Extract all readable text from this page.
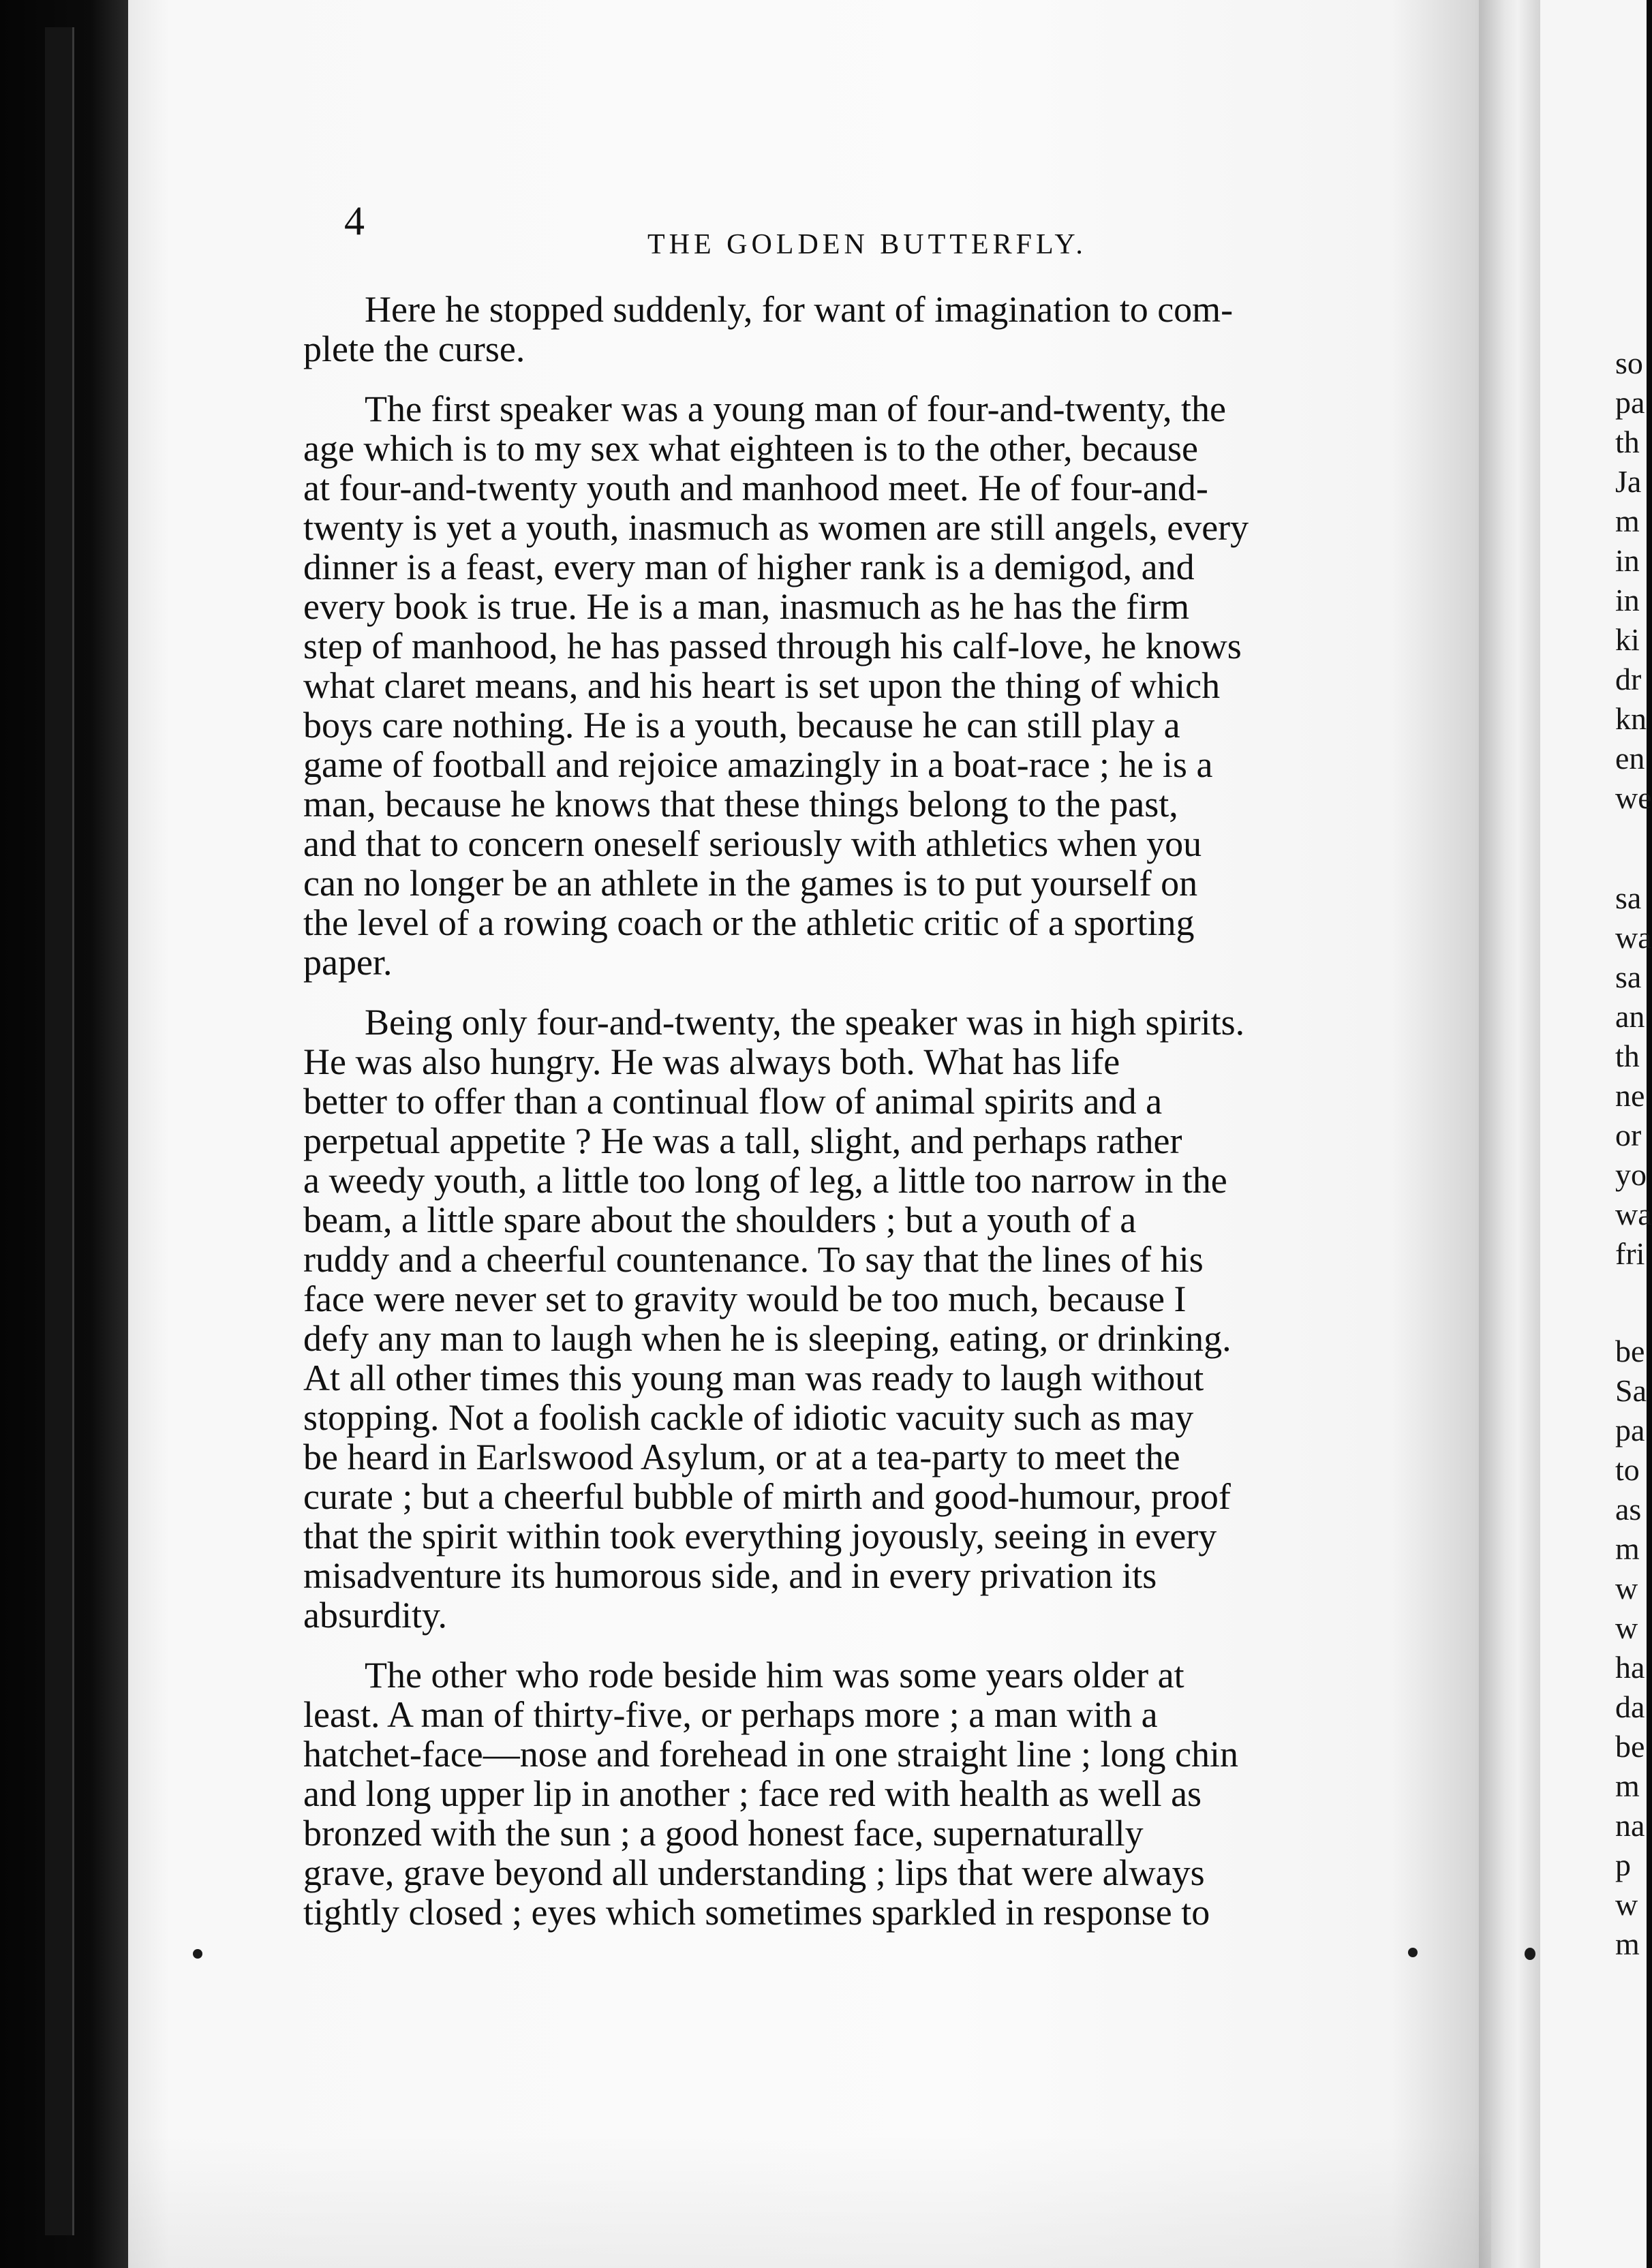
so
pa
th
Ja
m
in
in
ki
dr
kn
en
we
sa
wa
sa
an
th
ne
or
yo
wa
fri
be
Sa
pa
to
as
m
w
w
ha
da
be
m
na
p
w
m
4
THE GOLDEN BUTTERFLY.
Here he stopped suddenly, for want of imagination to com-
plete the curse.
The first speaker was a young man of four-and-twenty, the
age which is to my sex what eighteen is to the other, because
at four-and-twenty youth and manhood meet. He of four-and-
twenty is yet a youth, inasmuch as women are still angels, every
dinner is a feast, every man of higher rank is a demigod, and
every book is true. He is a man, inasmuch as he has the firm
step of manhood, he has passed through his calf-love, he knows
what claret means, and his heart is set upon the thing of which
boys care nothing. He is a youth, because he can still play a
game of football and rejoice amazingly in a boat-race ; he is a
man, because he knows that these things belong to the past,
and that to concern oneself seriously with athletics when you
can no longer be an athlete in the games is to put yourself on
the level of a rowing coach or the athletic critic of a sporting
paper.
Being only four-and-twenty, the speaker was in high spirits.
He was also hungry. He was always both. What has life
better to offer than a continual flow of animal spirits and a
perpetual appetite ? He was a tall, slight, and perhaps rather
a weedy youth, a little too long of leg, a little too narrow in the
beam, a little spare about the shoulders ; but a youth of a
ruddy and a cheerful countenance. To say that the lines of his
face were never set to gravity would be too much, because I
defy any man to laugh when he is sleeping, eating, or drinking.
At all other times this young man was ready to laugh without
stopping. Not a foolish cackle of idiotic vacuity such as may
be heard in Earlswood Asylum, or at a tea-party to meet the
curate ; but a cheerful bubble of mirth and good-humour, proof
that the spirit within took everything joyously, seeing in every
misadventure its humorous side, and in every privation its
absurdity.
The other who rode beside him was some years older at
least. A man of thirty-five, or perhaps more ; a man with a
hatchet-face—nose and forehead in one straight line ; long chin
and long upper lip in another ; face red with health as well as
bronzed with the sun ; a good honest face, supernaturally
grave, grave beyond all understanding ; lips that were always
tightly closed ; eyes which sometimes sparkled in response to
